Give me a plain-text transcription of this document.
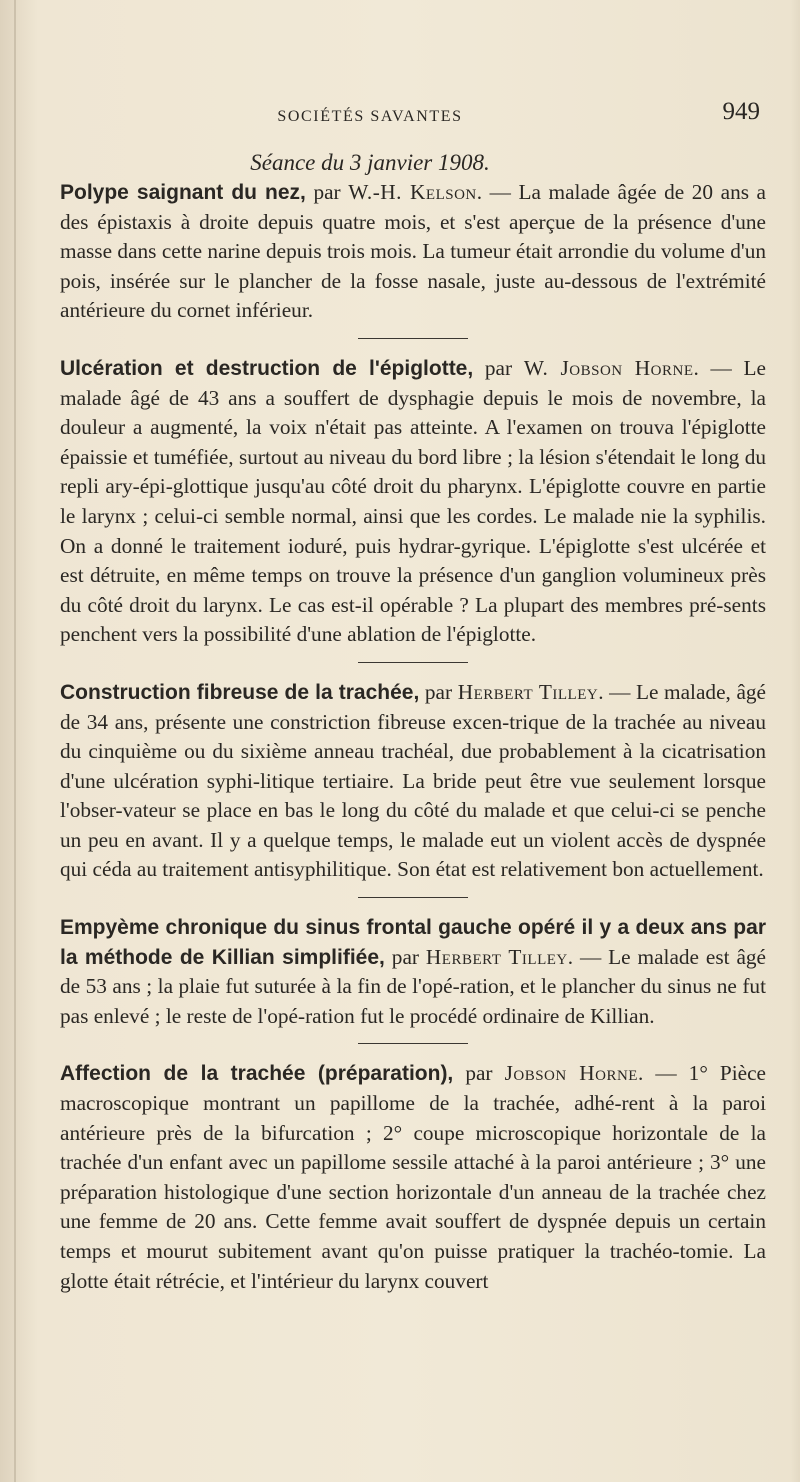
SOCIÉTÉS SAVANTES	949
Séance du 3 janvier 1908.

Polype saignant du nez, par W.-H. Kelson. — La malade âgée de 20 ans a des épistaxis à droite depuis quatre mois, et s'est aperçue de la présence d'une masse dans cette narine depuis trois mois. La tumeur était arrondie du volume d'un pois, insérée sur le plancher de la fosse nasale, juste au-dessous de l'extrémité antérieure du cornet inférieur.

Ulcération et destruction de l'épiglotte, par W. Jobson Horne. — Le malade âgé de 43 ans a souffert de dysphagie depuis le mois de novembre, la douleur a augmenté, la voix n'était pas atteinte. A l'examen on trouva l'épiglotte épaissie et tuméfiée, surtout au niveau du bord libre ; la lésion s'étendait le long du repli ary-épi-glottique jusqu'au côté droit du pharynx. L'épiglotte couvre en partie le larynx ; celui-ci semble normal, ainsi que les cordes. Le malade nie la syphilis. On a donné le traitement ioduré, puis hydrar-gyrique. L'épiglotte s'est ulcérée et est détruite, en même temps on trouve la présence d'un ganglion volumineux près du côté droit du larynx. Le cas est-il opérable ? La plupart des membres pré-sents penchent vers la possibilité d'une ablation de l'épiglotte.

Construction fibreuse de la trachée, par Herbert Tilley. — Le malade, âgé de 34 ans, présente une constriction fibreuse excen-trique de la trachée au niveau du cinquième ou du sixième anneau trachéal, due probablement à la cicatrisation d'une ulcération syphi-litique tertiaire. La bride peut être vue seulement lorsque l'obser-vateur se place en bas le long du côté du malade et que celui-ci se penche un peu en avant. Il y a quelque temps, le malade eut un violent accès de dyspnée qui céda au traitement antisyphilitique. Son état est relativement bon actuellement.

Empyème chronique du sinus frontal gauche opéré il y a deux ans par la méthode de Killian simplifiée, par Herbert Tilley. — Le malade est âgé de 53 ans ; la plaie fut suturée à la fin de l'opé-ration, et le plancher du sinus ne fut pas enlevé ; le reste de l'opé-ration fut le procédé ordinaire de Killian.

Affection de la trachée (préparation), par Jobson Horne. — 1° Pièce macroscopique montrant un papillome de la trachée, adhé-rent à la paroi antérieure près de la bifurcation ; 2° coupe microscopique horizontale de la trachée d'un enfant avec un papillome sessile attaché à la paroi antérieure ; 3° une préparation histologique d'une section horizontale d'un anneau de la trachée chez une femme de 20 ans. Cette femme avait souffert de dyspnée depuis un certain temps et mourut subitement avant qu'on puisse pratiquer la trachéo-tomie. La glotte était rétrécie, et l'intérieur du larynx couvert
